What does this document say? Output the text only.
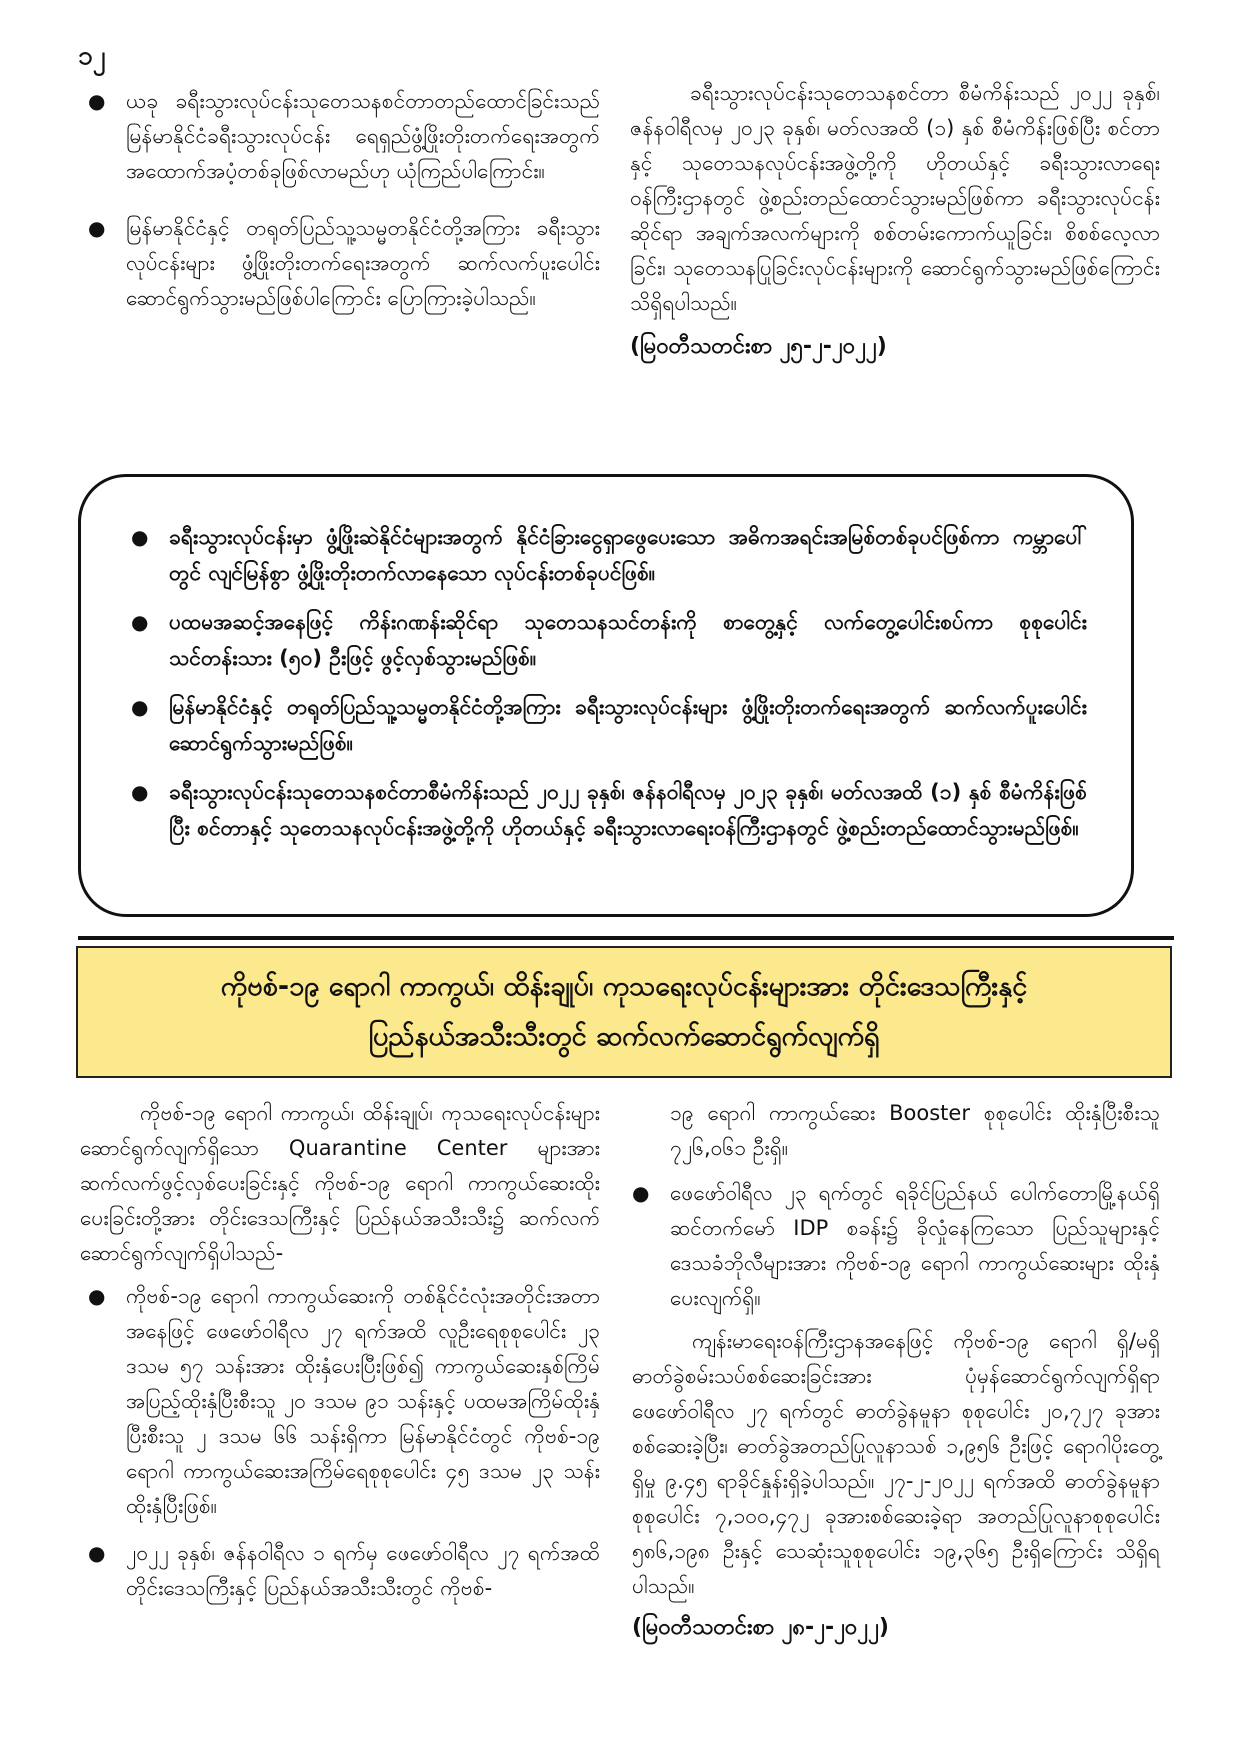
၁၂
● ယခု ခရီးသွားလုပ်ငန်းသုတေသနစင်တာတည်ထောင်ခြင်းသည် မြန်မာနိုင်ငံခရီးသွားလုပ်ငန်း ရေရှည်ဖွံ့ဖြိုးတိုးတက်ရေးအတွက် အထောက်အပံ့တစ်ခုဖြစ်လာမည်ဟု ယုံကြည်ပါကြောင်း။
● မြန်မာနိုင်ငံနှင့် တရုတ်ပြည်သူ့သမ္မတနိုင်ငံတို့အကြား ခရီးသွားလုပ်ငန်းများ ဖွံ့ဖြိုးတိုးတက်ရေးအတွက် ဆက်လက်ပူးပေါင်းဆောင်ရွက်သွားမည်ဖြစ်ပါကြောင်း ပြောကြားခဲ့ပါသည်။

ခရီးသွားလုပ်ငန်းသုတေသနစင်တာ စီမံကိန်းသည် ၂၀၂၂ ခုနှစ်၊ ဇန်နဝါရီလမှ ၂၀၂၃ ခုနှစ်၊ မတ်လအထိ (၁) နှစ် စီမံကိန်းဖြစ်ပြီး စင်တာနှင့် သုတေသနလုပ်ငန်းအဖွဲ့တို့ကို ဟိုတယ်နှင့် ခရီးသွားလာရေးဝန်ကြီးဌာနတွင် ဖွဲ့စည်းတည်ထောင်သွားမည်ဖြစ်ကာ ခရီးသွားလုပ်ငန်းဆိုင်ရာ အချက်အလက်များကို စစ်တမ်းကောက်ယူခြင်း၊ စိစစ်လေ့လာခြင်း၊ သုတေသနပြုခြင်းလုပ်ငန်းများကို ဆောင်ရွက်သွားမည်ဖြစ်ကြောင်း သိရှိရပါသည်။

(မြဝတီသတင်းစာ ၂၅-၂-၂၀၂၂)

● ခရီးသွားလုပ်ငန်းမှာ ဖွံ့ဖြိုးဆဲနိုင်ငံများအတွက် နိုင်ငံခြားငွေရှာဖွေပေးသော အဓိကအရင်းအမြစ်တစ်ခုပင်ဖြစ်ကာ ကမ္ဘာပေါ်တွင် လျင်မြန်စွာ ဖွံ့ဖြိုးတိုးတက်လာနေသော လုပ်ငန်းတစ်ခုပင်ဖြစ်။
● ပထမအဆင့်အနေဖြင့် ကိန်းဂဏန်းဆိုင်ရာ သုတေသနသင်တန်းကို စာတွေ့နှင့် လက်တွေ့ပေါင်းစပ်ကာ စုစုပေါင်း သင်တန်းသား (၅၀) ဦးဖြင့် ဖွင့်လှစ်သွားမည်ဖြစ်။
● မြန်မာနိုင်ငံနှင့် တရုတ်ပြည်သူ့သမ္မတနိုင်ငံတို့အကြား ခရီးသွားလုပ်ငန်းများ ဖွံ့ဖြိုးတိုးတက်ရေးအတွက် ဆက်လက်ပူးပေါင်းဆောင်ရွက်သွားမည်ဖြစ်။
● ခရီးသွားလုပ်ငန်းသုတေသနစင်တာစီမံကိန်းသည် ၂၀၂၂ ခုနှစ်၊ ဇန်နဝါရီလမှ ၂၀၂၃ ခုနှစ်၊ မတ်လအထိ (၁) နှစ် စီမံကိန်းဖြစ်ပြီး စင်တာနှင့် သုတေသနလုပ်ငန်းအဖွဲ့တို့ကို ဟိုတယ်နှင့် ခရီးသွားလာရေးဝန်ကြီးဌာနတွင် ဖွဲ့စည်းတည်ထောင်သွားမည်ဖြစ်။
ကိုဗစ်-၁၉ ရောဂါ ကာကွယ်၊ ထိန်းချုပ်၊ ကုသရေးလုပ်ငန်းများအား တိုင်းဒေသကြီးနှင့်
ပြည်နယ်အသီးသီးတွင် ဆက်လက်ဆောင်ရွက်လျက်ရှိ

ကိုဗစ်-၁၉ ရောဂါ ကာကွယ်၊ ထိန်းချုပ်၊ ကုသရေးလုပ်ငန်းများ ဆောင်ရွက်လျက်ရှိသော Quarantine Center များအား ဆက်လက်ဖွင့်လှစ်ပေးခြင်းနှင့် ကိုဗစ်-၁၉ ရောဂါ ကာကွယ်ဆေးထိုးပေးခြင်းတို့အား တိုင်းဒေသကြီးနှင့် ပြည်နယ်အသီးသီး၌ ဆက်လက်ဆောင်ရွက်လျက်ရှိပါသည်-

● ကိုဗစ်-၁၉ ရောဂါ ကာကွယ်ဆေးကို တစ်နိုင်ငံလုံးအတိုင်းအတာအနေဖြင့် ဖေဖော်ဝါရီလ ၂၇ ရက်အထိ လူဦးရေစုစုပေါင်း ၂၃ ဒသမ ၅၇ သန်းအား ထိုးနှံပေးပြီးဖြစ်၍ ကာကွယ်ဆေးနှစ်ကြိမ်အပြည့်ထိုးနှံပြီးစီးသူ ၂၀ ဒသမ ၉၁ သန်းနှင့် ပထမအကြိမ်ထိုးနှံပြီးစီးသူ ၂ ဒသမ ၆၆ သန်းရှိကာ မြန်မာနိုင်ငံတွင် ကိုဗစ်-၁၉ ရောဂါ ကာကွယ်ဆေးအကြိမ်ရေစုစုပေါင်း ၄၅ ဒသမ ၂၃ သန်းထိုးနှံပြီးဖြစ်။
● ၂၀၂၂ ခုနှစ်၊ ဇန်နဝါရီလ ၁ ရက်မှ ဖေဖော်ဝါရီလ ၂၇ ရက်အထိ တိုင်းဒေသကြီးနှင့် ပြည်နယ်အသီးသီးတွင် ကိုဗစ်-

၁၉ ရောဂါ ကာကွယ်ဆေး Booster စုစုပေါင်း ထိုးနှံပြီးစီးသူ ၇၂၆,၀၆၁ ဦးရှိ။

● ဖေဖော်ဝါရီလ ၂၃ ရက်တွင် ရခိုင်ပြည်နယ် ပေါက်တောမြို့နယ်ရှိ ဆင်တက်မော် IDP စခန်း၌ ခိုလှုံနေကြသော ပြည်သူများနှင့် ဒေသခံဘိုလီများအား ကိုဗစ်-၁၉ ရောဂါ ကာကွယ်ဆေးများ ထိုးနှံပေးလျက်ရှိ။

ကျန်းမာရေးဝန်ကြီးဌာနအနေဖြင့် ကိုဗစ်-၁၉ ရောဂါ ရှိ/မရှိ ဓာတ်ခွဲစမ်းသပ်စစ်ဆေးခြင်းအား ပုံမှန်ဆောင်ရွက်လျက်ရှိရာ ဖေဖော်ဝါရီလ ၂၇ ရက်တွင် ဓာတ်ခွဲနမူနာ စုစုပေါင်း ၂၀,၇၂၇ ခုအားစစ်ဆေးခဲ့ပြီး၊ ဓာတ်ခွဲအတည်ပြုလူနာသစ် ၁,၉၅၆ ဦးဖြင့် ရောဂါပိုးတွေ့ရှိမှု ၉.၄၅ ရာခိုင်နှုန်းရှိခဲ့ပါသည်။ ၂၇-၂-၂၀၂၂ ရက်အထိ ဓာတ်ခွဲနမူနာ စုစုပေါင်း ၇,၁၀၀,၄၇၂ ခုအားစစ်ဆေးခဲ့ရာ အတည်ပြုလူနာစုစုပေါင်း ၅၈၆,၁၉၈ ဦးနှင့် သေဆုံးသူစုစုပေါင်း ၁၉,၃၆၅ ဦးရှိကြောင်း သိရှိရပါသည်။

(မြဝတီသတင်းစာ ၂၈-၂-၂၀၂၂)
